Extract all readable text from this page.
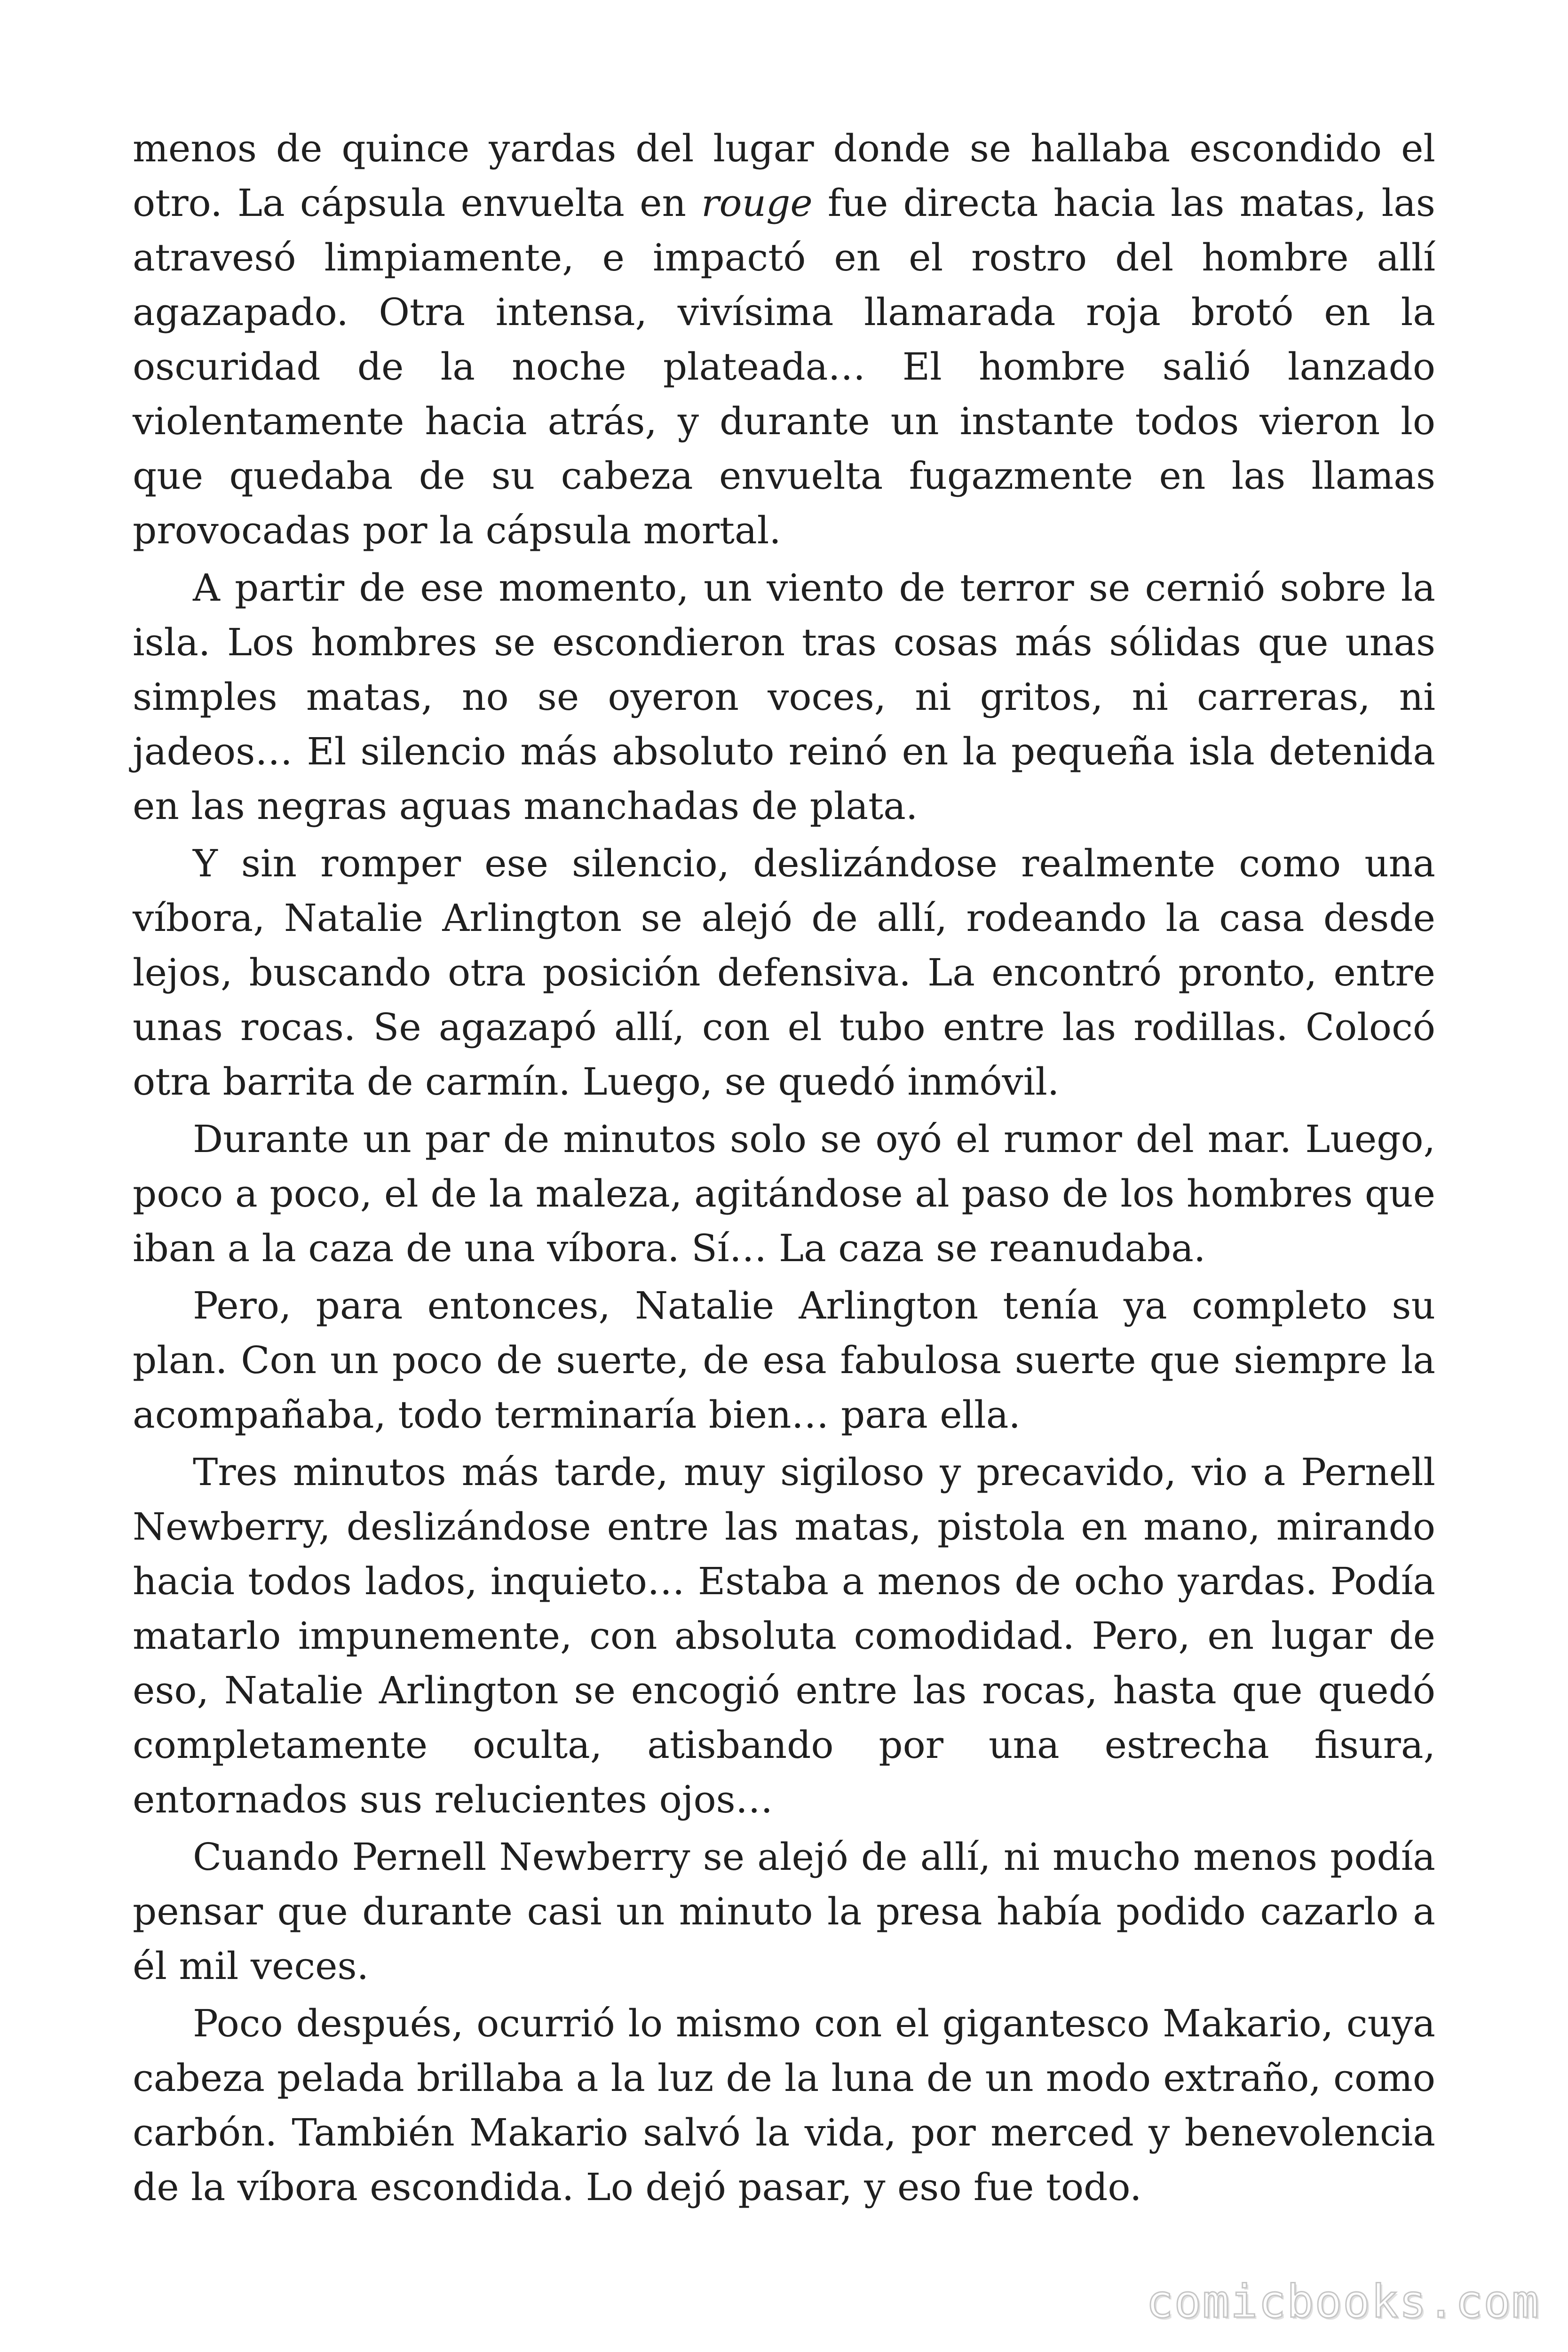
menos de quince yardas del lugar donde se hallaba escondido el otro. La cápsula envuelta en rouge fue directa hacia las matas, las atravesó limpiamente, e impactó en el rostro del hombre allí agazapado. Otra intensa, vivísima llamarada roja brotó en la oscuridad de la noche plateada… El hombre salió lanzado violentamente hacia atrás, y durante un instante todos vieron lo que quedaba de su cabeza envuelta fugazmente en las llamas provocadas por la cápsula mortal.

A partir de ese momento, un viento de terror se cernió sobre la isla. Los hombres se escondieron tras cosas más sólidas que unas simples matas, no se oyeron voces, ni gritos, ni carreras, ni jadeos… El silencio más absoluto reinó en la pequeña isla detenida en las negras aguas manchadas de plata.

Y sin romper ese silencio, deslizándose realmente como una víbora, Natalie Arlington se alejó de allí, rodeando la casa desde lejos, buscando otra posición defensiva. La encontró pronto, entre unas rocas. Se agazapó allí, con el tubo entre las rodillas. Colocó otra barrita de carmín. Luego, se quedó inmóvil.

Durante un par de minutos solo se oyó el rumor del mar. Luego, poco a poco, el de la maleza, agitándose al paso de los hombres que iban a la caza de una víbora. Sí… La caza se reanudaba.

Pero, para entonces, Natalie Arlington tenía ya completo su plan. Con un poco de suerte, de esa fabulosa suerte que siempre la acompañaba, todo terminaría bien… para ella.

Tres minutos más tarde, muy sigiloso y precavido, vio a Pernell Newberry, deslizándose entre las matas, pistola en mano, mirando hacia todos lados, inquieto… Estaba a menos de ocho yardas. Podía matarlo impunemente, con absoluta comodidad. Pero, en lugar de eso, Natalie Arlington se encogió entre las rocas, hasta que quedó completamente oculta, atisbando por una estrecha fisura, entornados sus relucientes ojos…

Cuando Pernell Newberry se alejó de allí, ni mucho menos podía pensar que durante casi un minuto la presa había podido cazarlo a él mil veces.

Poco después, ocurrió lo mismo con el gigantesco Makario, cuya cabeza pelada brillaba a la luz de la luna de un modo extraño, como carbón. También Makario salvó la vida, por merced y benevolencia de la víbora escondida. Lo dejó pasar, y eso fue todo.

comicbooks.com
